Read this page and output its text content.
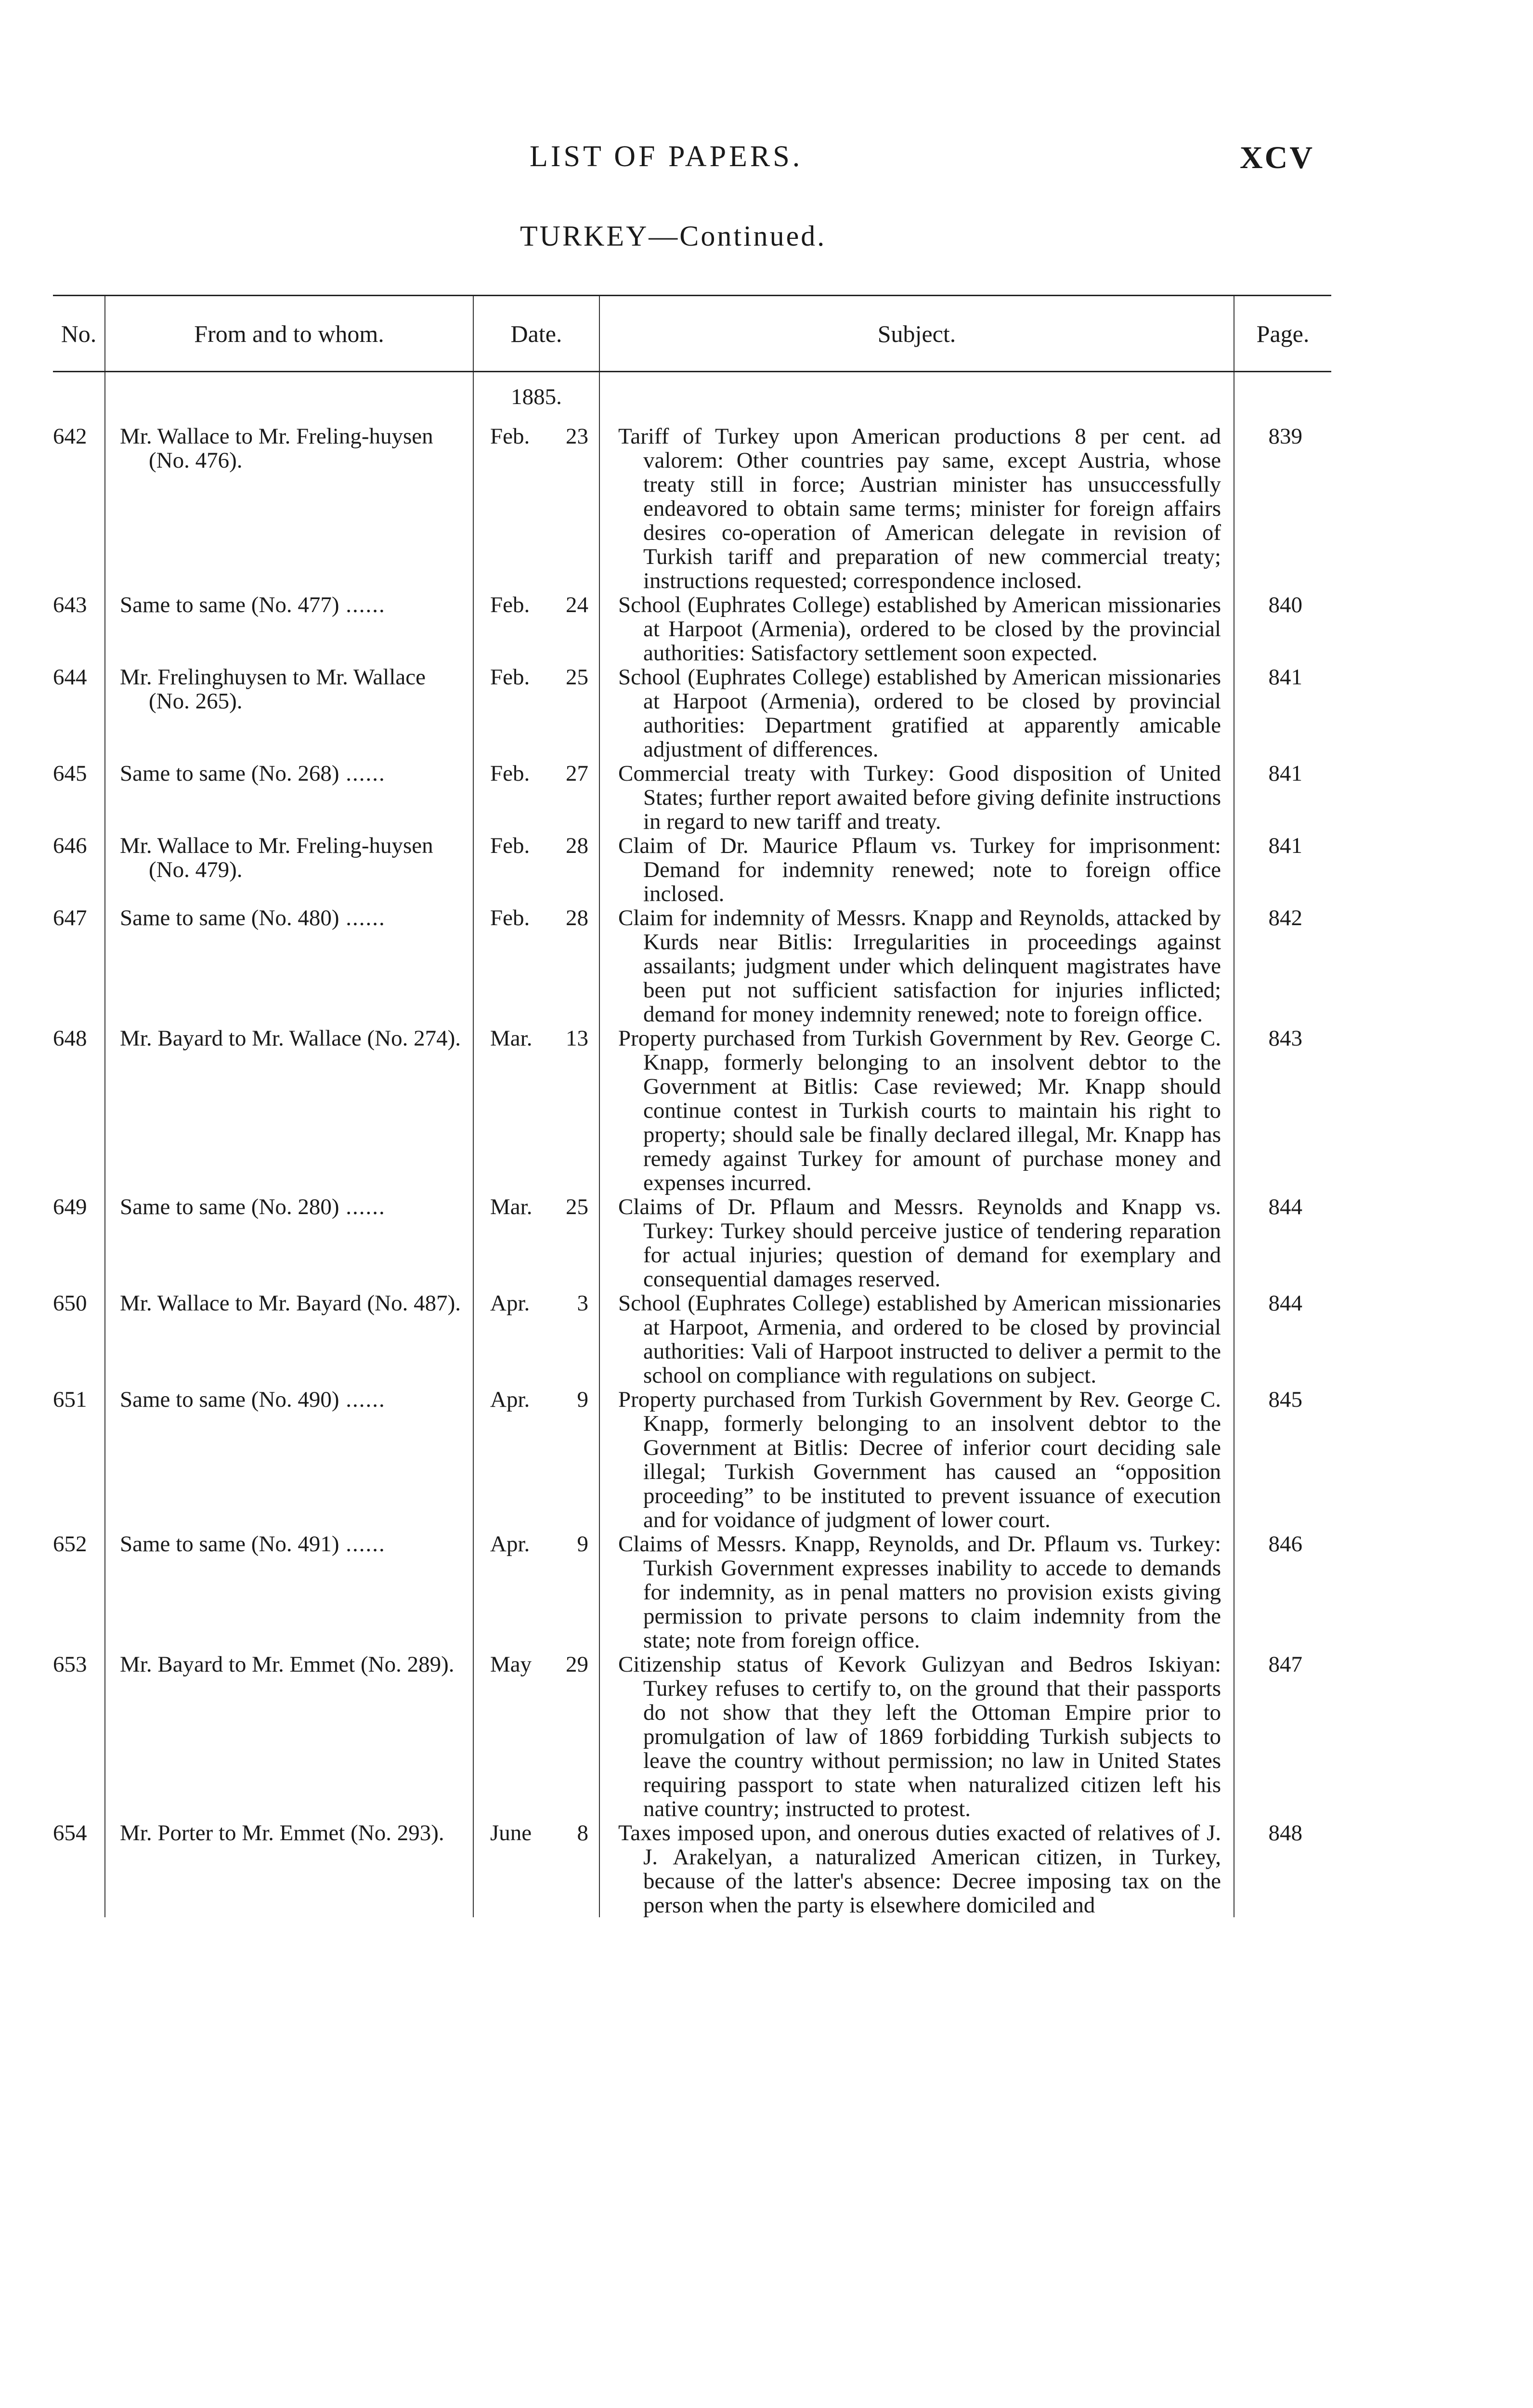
LIST OF PAPERS.	XCV
TURKEY—Continued.
No.	From and to whom.	Date.	Subject.	Page.
		1885.		
642	Mr. Wallace to Mr. Freling-huysen (No. 476).	Feb. 23	Tariff of Turkey upon American productions 8 per cent. ad valorem: Other countries pay same, except Austria, whose treaty still in force; Austrian minister has unsuccessfully endeavored to obtain same terms; minister for foreign affairs desires co-operation of American delegate in revision of Turkish tariff and preparation of new commercial treaty; instructions requested; correspondence inclosed.	839
643	Same to same (No. 477) ......	Feb. 24	School (Euphrates College) established by American missionaries at Harpoot (Armenia), ordered to be closed by the provincial authorities: Satisfactory settlement soon expected.	840
644	Mr. Frelinghuysen to Mr. Wallace (No. 265).	Feb. 25	School (Euphrates College) established by American missionaries at Harpoot (Armenia), ordered to be closed by provincial authorities: Department gratified at apparently amicable adjustment of differences.	841
645	Same to same (No. 268) ......	Feb. 27	Commercial treaty with Turkey: Good disposition of United States; further report awaited before giving definite instructions in regard to new tariff and treaty.	841
646	Mr. Wallace to Mr. Freling-huysen (No. 479).	Feb. 28	Claim of Dr. Maurice Pflaum vs. Turkey for imprisonment: Demand for indemnity renewed; note to foreign office inclosed.	841
647	Same to same (No. 480) ......	Feb. 28	Claim for indemnity of Messrs. Knapp and Reynolds, attacked by Kurds near Bitlis: Irregularities in proceedings against assailants; judgment under which delinquent magistrates have been put not sufficient satisfaction for injuries inflicted; demand for money indemnity renewed; note to foreign office.	842
648	Mr. Bayard to Mr. Wallace (No. 274).	Mar. 13	Property purchased from Turkish Government by Rev. George C. Knapp, formerly belonging to an insolvent debtor to the Government at Bitlis: Case reviewed; Mr. Knapp should continue contest in Turkish courts to maintain his right to property; should sale be finally declared illegal, Mr. Knapp has remedy against Turkey for amount of purchase money and expenses incurred.	843
649	Same to same (No. 280) ......	Mar. 25	Claims of Dr. Pflaum and Messrs. Reynolds and Knapp vs. Turkey: Turkey should perceive justice of tendering reparation for actual injuries; question of demand for exemplary and consequential damages reserved.	844
650	Mr. Wallace to Mr. Bayard (No. 487).	Apr. 3	School (Euphrates College) established by American missionaries at Harpoot, Armenia, and ordered to be closed by provincial authorities: Vali of Harpoot instructed to deliver a permit to the school on compliance with regulations on subject.	844
651	Same to same (No. 490) ......	Apr. 9	Property purchased from Turkish Government by Rev. George C. Knapp, formerly belonging to an insolvent debtor to the Government at Bitlis: Decree of inferior court deciding sale illegal; Turkish Government has caused an “opposition proceeding” to be instituted to prevent issuance of execution and for voidance of judgment of lower court.	845
652	Same to same (No. 491) ......	Apr. 9	Claims of Messrs. Knapp, Reynolds, and Dr. Pflaum vs. Turkey: Turkish Government expresses inability to accede to demands for indemnity, as in penal matters no provision exists giving permission to private persons to claim indemnity from the state; note from foreign office.	846
653	Mr. Bayard to Mr. Emmet (No. 289).	May 29	Citizenship status of Kevork Gulizyan and Bedros Iskiyan: Turkey refuses to certify to, on the ground that their passports do not show that they left the Ottoman Empire prior to promulgation of law of 1869 forbidding Turkish subjects to leave the country without permission; no law in United States requiring passport to state when naturalized citizen left his native country; instructed to protest.	847
654	Mr. Porter to Mr. Emmet (No. 293).	June 8	Taxes imposed upon, and onerous duties exacted of relatives of J. J. Arakelyan, a naturalized American citizen, in Turkey, because of the latter's absence: Decree imposing tax on the person when the party is elsewhere domiciled and	848
